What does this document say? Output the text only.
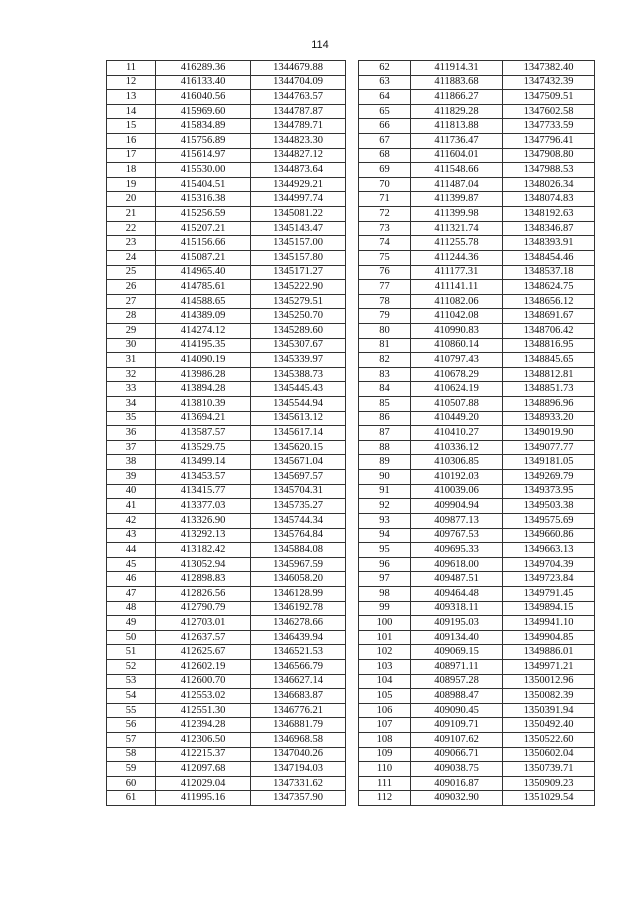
114
11	416289.36	1344679.88
12	416133.40	1344704.09
13	416040.56	1344763.57
14	415969.60	1344787.87
15	415834.89	1344789.71
16	415756.89	1344823.30
17	415614.97	1344827.12
18	415530.00	1344873.64
19	415404.51	1344929.21
20	415316.38	1344997.74
21	415256.59	1345081.22
22	415207.21	1345143.47
23	415156.66	1345157.00
24	415087.21	1345157.80
25	414965.40	1345171.27
26	414785.61	1345222.90
27	414588.65	1345279.51
28	414389.09	1345250.70
29	414274.12	1345289.60
30	414195.35	1345307.67
31	414090.19	1345339.97
32	413986.28	1345388.73
33	413894.28	1345445.43
34	413810.39	1345544.94
35	413694.21	1345613.12
36	413587.57	1345617.14
37	413529.75	1345620.15
38	413499.14	1345671.04
39	413453.57	1345697.57
40	413415.77	1345704.31
41	413377.03	1345735.27
42	413326.90	1345744.34
43	413292.13	1345764.84
44	413182.42	1345884.08
45	413052.94	1345967.59
46	412898.83	1346058.20
47	412826.56	1346128.99
48	412790.79	1346192.78
49	412703.01	1346278.66
50	412637.57	1346439.94
51	412625.67	1346521.53
52	412602.19	1346566.79
53	412600.70	1346627.14
54	412553.02	1346683.87
55	412551.30	1346776.21
56	412394.28	1346881.79
57	412306.50	1346968.58
58	412215.37	1347040.26
59	412097.68	1347194.03
60	412029.04	1347331.62
61	411995.16	1347357.90
62	411914.31	1347382.40
63	411883.68	1347432.39
64	411866.27	1347509.51
65	411829.28	1347602.58
66	411813.88	1347733.59
67	411736.47	1347796.41
68	411604.01	1347908.80
69	411548.66	1347988.53
70	411487.04	1348026.34
71	411399.87	1348074.83
72	411399.98	1348192.63
73	411321.74	1348346.87
74	411255.78	1348393.91
75	411244.36	1348454.46
76	411177.31	1348537.18
77	411141.11	1348624.75
78	411082.06	1348656.12
79	411042.08	1348691.67
80	410990.83	1348706.42
81	410860.14	1348816.95
82	410797.43	1348845.65
83	410678.29	1348812.81
84	410624.19	1348851.73
85	410507.88	1348896.96
86	410449.20	1348933.20
87	410410.27	1349019.90
88	410336.12	1349077.77
89	410306.85	1349181.05
90	410192.03	1349269.79
91	410039.06	1349373.95
92	409904.94	1349503.38
93	409877.13	1349575.69
94	409767.53	1349660.86
95	409695.33	1349663.13
96	409618.00	1349704.39
97	409487.51	1349723.84
98	409464.48	1349791.45
99	409318.11	1349894.15
100	409195.03	1349941.10
101	409134.40	1349904.85
102	409069.15	1349886.01
103	408971.11	1349971.21
104	408957.28	1350012.96
105	408988.47	1350082.39
106	409090.45	1350391.94
107	409109.71	1350492.40
108	409107.62	1350522.60
109	409066.71	1350602.04
110	409038.75	1350739.71
111	409016.87	1350909.23
112	409032.90	1351029.54
